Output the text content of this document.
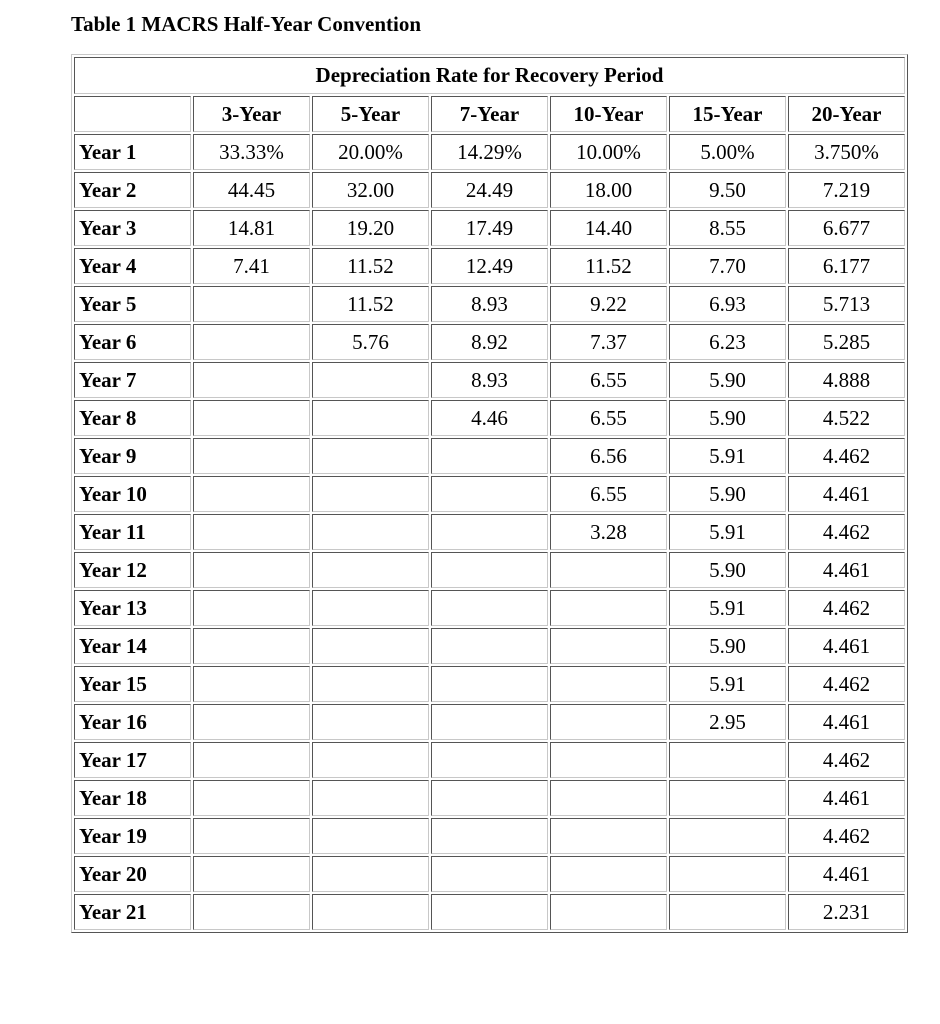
Table 1 MACRS Half-Year Convention
Depreciation Rate for Recovery Period						
	3-Year	5-Year	7-Year	10-Year	15-Year	20-Year
Year 1	33.33%	20.00%	14.29%	10.00%	5.00%	3.750%
Year 2	44.45	32.00	24.49	18.00	9.50	7.219
Year 3	14.81	19.20	17.49	14.40	8.55	6.677
Year 4	7.41	11.52	12.49	11.52	7.70	6.177
Year 5		11.52	8.93	9.22	6.93	5.713
Year 6		5.76	8.92	7.37	6.23	5.285
Year 7			8.93	6.55	5.90	4.888
Year 8			4.46	6.55	5.90	4.522
Year 9				6.56	5.91	4.462
Year 10				6.55	5.90	4.461
Year 11				3.28	5.91	4.462
Year 12					5.90	4.461
Year 13					5.91	4.462
Year 14					5.90	4.461
Year 15					5.91	4.462
Year 16					2.95	4.461
Year 17						4.462
Year 18						4.461
Year 19						4.462
Year 20						4.461
Year 21						2.231
